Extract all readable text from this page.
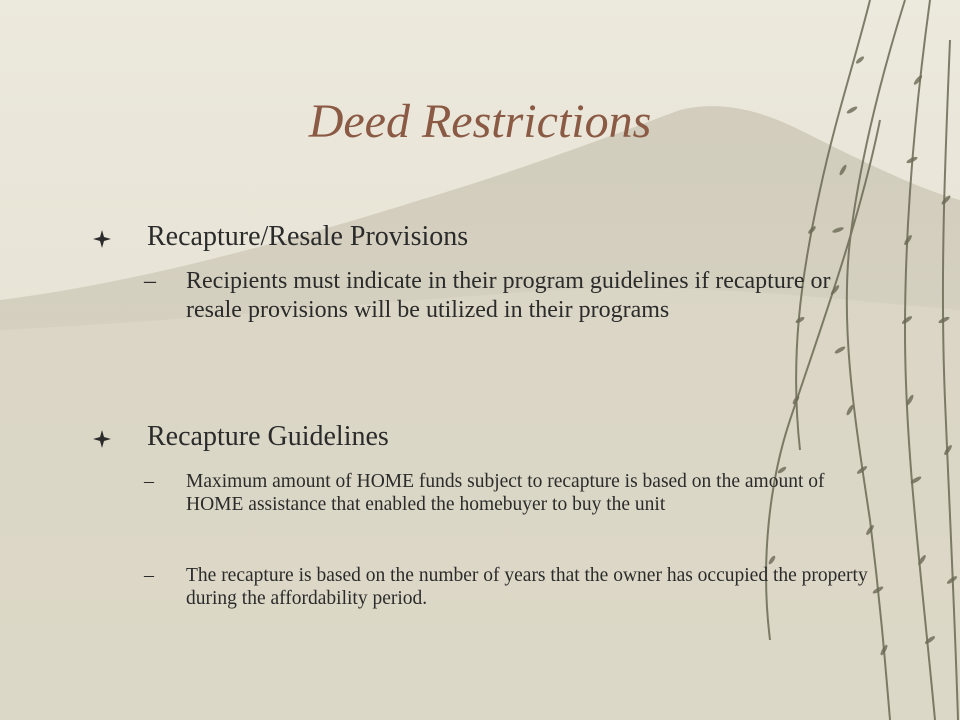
Deed Restrictions
Recapture/Resale Provisions
– Recipients must indicate in their program guidelines if recapture or resale provisions will be utilized in their programs
Recapture Guidelines
– Maximum amount of HOME funds subject to recapture is based on the amount of HOME assistance that enabled the homebuyer to buy the unit
– The recapture is based on the number of years that the owner has occupied the property during the affordability period.
